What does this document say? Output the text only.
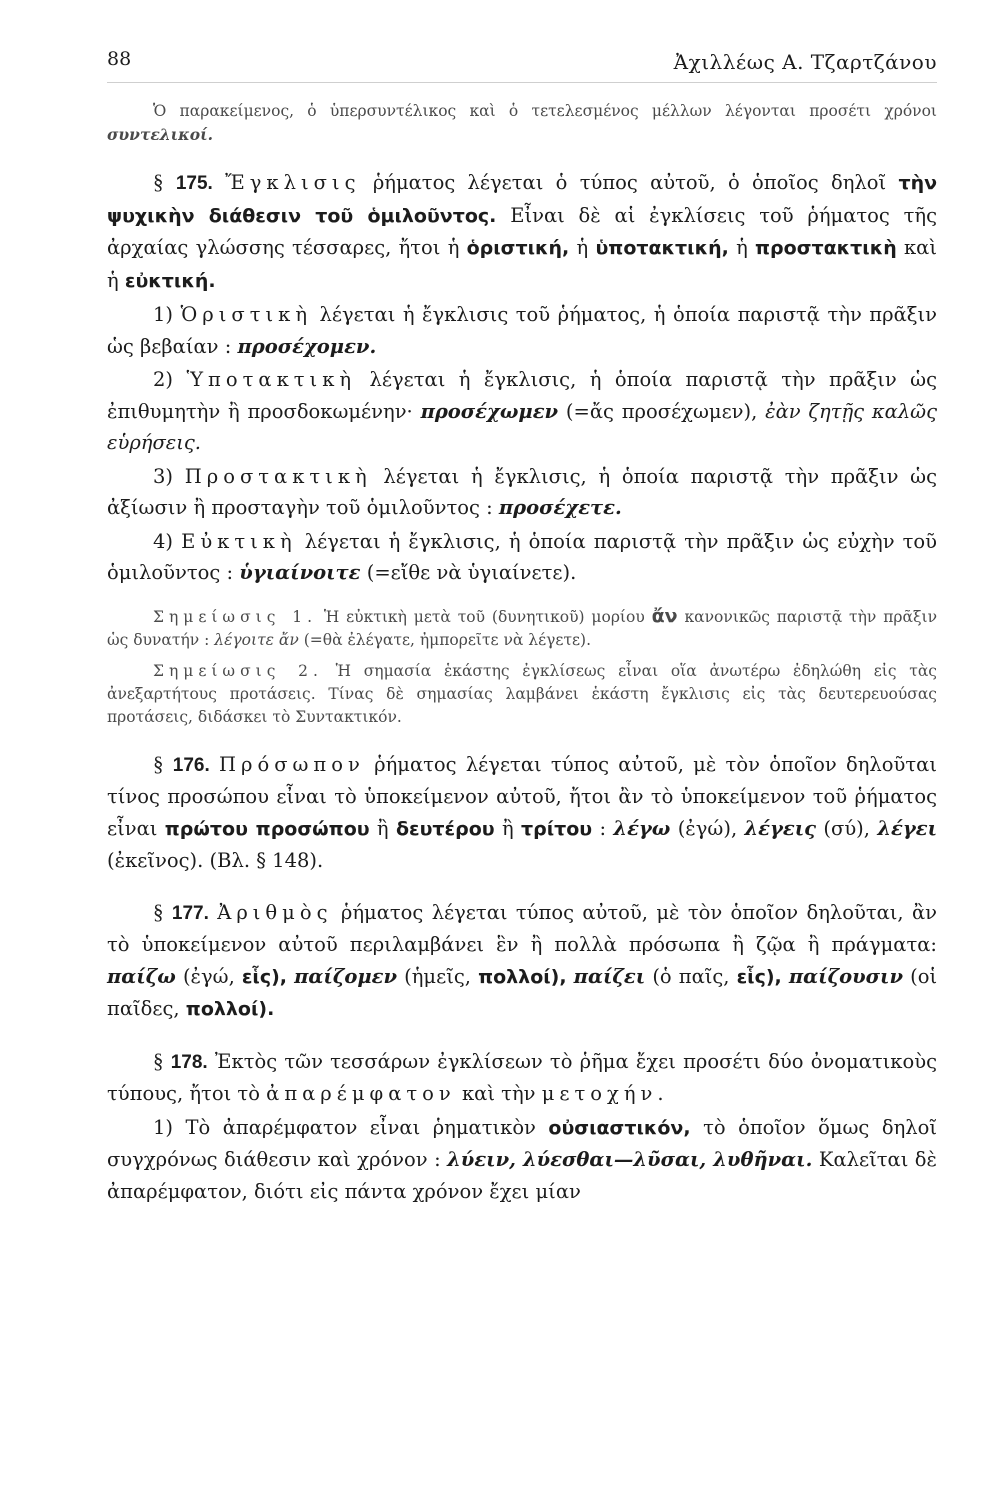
88	Ἀχιλλέως Α. Τζαρτζάνου

Ὁ παρακείμενος, ὁ ὑπερσυντέλικος καὶ ὁ τετελεσμένος μέλλων λέγονται προσέτι χρόνοι συντελικοί.

§ 175. Ἔγκλισις ῥήματος λέγεται ὁ τύπος αὐτοῦ, ὁ ὁποῖος δηλοῖ τὴν ψυχικὴν διάθεσιν τοῦ ὁμιλοῦντος. Εἶναι δὲ αἱ ἐγκλίσεις τοῦ ῥήματος τῆς ἀρχαίας γλώσσης τέσσαρες, ἤτοι ἡ ὁριστική, ἡ ὑποτακτική, ἡ προστακτικὴ καὶ ἡ εὐκτική.

1) Ὁριστικὴ λέγεται ἡ ἔγκλισις τοῦ ῥήματος, ἡ ὁποία παριστᾷ τὴν πρᾶξιν ὡς βεβαίαν : προσέχομεν.

2) Ὑποτακτικὴ λέγεται ἡ ἔγκλισις, ἡ ὁποία παριστᾷ τὴν πρᾶξιν ὡς ἐπιθυμητὴν ἢ προσδοκωμένην· προσέχωμεν (=ἄς προσέχωμεν), ἐὰν ζητῇς καλῶς εὑρήσεις.

3) Προστακτικὴ λέγεται ἡ ἔγκλισις, ἡ ὁποία παριστᾷ τὴν πρᾶξιν ὡς ἀξίωσιν ἢ προσταγὴν τοῦ ὁμιλοῦντος : προσέχετε.

4) Εὐκτικὴ λέγεται ἡ ἔγκλισις, ἡ ὁποία παριστᾷ τὴν πρᾶξιν ὡς εὐχὴν τοῦ ὁμιλοῦντος : ὑγιαίνοιτε (=εἴθε νὰ ὑγιαίνετε).

Σημείωσις 1. Ἡ εὐκτικὴ μετὰ τοῦ (δυνητικοῦ) μορίου ἄν κανονικῶς παριστᾷ τὴν πρᾶξιν ὡς δυνατήν : λέγοιτε ἄν (=θὰ ἐλέγατε, ἠμπορεῖτε νὰ λέγετε).

Σημείωσις 2. Ἡ σημασία ἑκάστης ἐγκλίσεως εἶναι οἵα ἀνωτέρω ἐδηλώθη εἰς τὰς ἀνεξαρτήτους προτάσεις. Τίνας δὲ σημασίας λαμβάνει ἑκάστη ἔγκλισις εἰς τὰς δευτερευούσας προτάσεις, διδάσκει τὸ Συντακτικόν.

§ 176. Πρόσωπον ῥήματος λέγεται τύπος αὐτοῦ, μὲ τὸν ὁποῖον δηλοῦται τίνος προσώπου εἶναι τὸ ὑποκείμενον αὐτοῦ, ἤτοι ἂν τὸ ὑποκείμενον τοῦ ῥήματος εἶναι πρώτου προσώπου ἢ δευτέρου ἢ τρίτου : λέγω (ἐγώ), λέγεις (σύ), λέγει (ἐκεῖνος). (Βλ. § 148).

§ 177. Ἀριθμὸς ῥήματος λέγεται τύπος αὐτοῦ, μὲ τὸν ὁποῖον δηλοῦται, ἂν τὸ ὑποκείμενον αὐτοῦ περιλαμβάνει ἓν ἢ πολλὰ πρόσωπα ἢ ζῷα ἢ πράγματα: παίζω (ἐγώ, εἷς), παίζομεν (ἡμεῖς, πολλοί), παίζει (ὁ παῖς, εἷς), παίζουσιν (οἱ παῖδες, πολλοί).

§ 178. Ἐκτὸς τῶν τεσσάρων ἐγκλίσεων τὸ ῥῆμα ἔχει προσέτι δύο ὀνοματικοὺς τύπους, ἤτοι τὸ ἀπαρέμφατον καὶ τὴν μετοχήν.

1) Τὸ ἀπαρέμφατον εἶναι ῥηματικὸν οὐσιαστικόν, τὸ ὁποῖον ὅμως δηλοῖ συγχρόνως διάθεσιν καὶ χρόνον : λύειν, λύεσθαι—λῦσαι, λυθῆναι. Καλεῖται δὲ ἀπαρέμφατον, διότι εἰς πάντα χρόνον ἔχει μίαν
